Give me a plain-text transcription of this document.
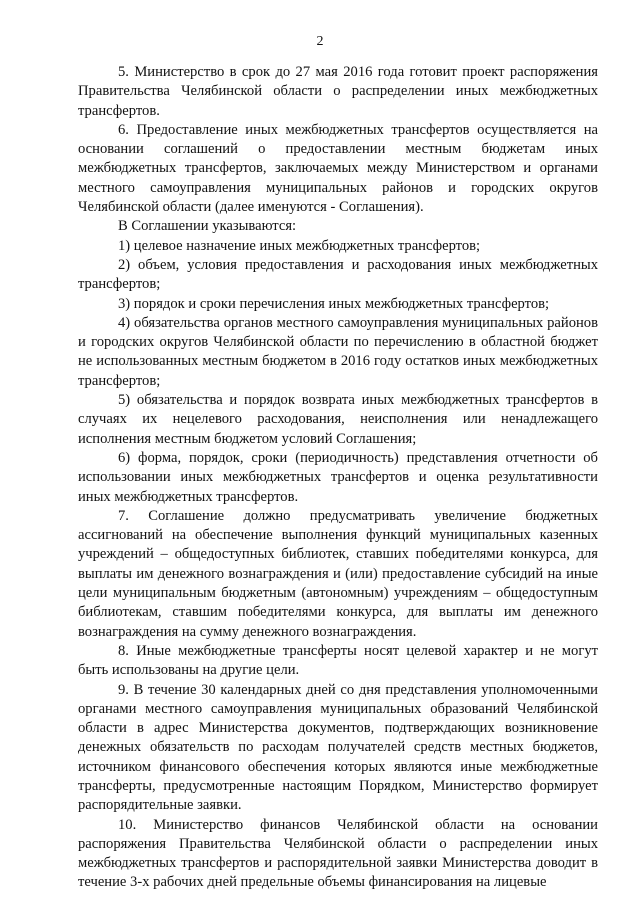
2

5. Министерство в срок до 27 мая 2016 года готовит проект распоряжения Правительства Челябинской области о распределении иных межбюджетных трансфертов.

6. Предоставление иных межбюджетных трансфертов осуществляется на основании соглашений о предоставлении местным бюджетам иных межбюджетных трансфертов, заключаемых между Министерством и органами местного самоуправления муниципальных районов и городских округов Челябинской области (далее именуются - Соглашения).

В Соглашении указываются:

1) целевое назначение иных межбюджетных трансфертов;

2) объем, условия предоставления и расходования иных межбюджетных трансфертов;

3) порядок и сроки перечисления иных межбюджетных трансфертов;

4) обязательства органов местного самоуправления муниципальных районов и городских округов Челябинской области по перечислению в областной бюджет не использованных местным бюджетом в 2016 году остатков иных межбюджетных трансфертов;

5) обязательства и порядок возврата иных межбюджетных трансфертов в случаях их нецелевого расходования, неисполнения или ненадлежащего исполнения местным бюджетом условий Соглашения;

6) форма, порядок, сроки (периодичность) представления отчетности об использовании иных межбюджетных трансфертов и оценка результативности иных межбюджетных трансфертов.

7. Соглашение должно предусматривать увеличение бюджетных ассигнований на обеспечение выполнения функций муниципальных казенных учреждений – общедоступных библиотек, ставших победителями конкурса, для выплаты им денежного вознаграждения и (или) предоставление субсидий на иные цели муниципальным бюджетным (автономным) учреждениям – общедоступным библиотекам, ставшим победителями конкурса, для выплаты им денежного вознаграждения на сумму денежного вознаграждения.

8. Иные межбюджетные трансферты носят целевой характер и не могут быть использованы на другие цели.

9. В течение 30 календарных дней со дня представления уполномоченными органами местного самоуправления муниципальных образований Челябинской области в адрес Министерства документов, подтверждающих возникновение денежных обязательств по расходам получателей средств местных бюджетов, источником финансового обеспечения которых являются иные межбюджетные трансферты, предусмотренные настоящим Порядком, Министерство формирует распорядительные заявки.

10. Министерство финансов Челябинской области на основании распоряжения Правительства Челябинской области о распределении иных межбюджетных трансфертов и распорядительной заявки Министерства доводит в течение 3-х рабочих дней предельные объемы финансирования на лицевые
